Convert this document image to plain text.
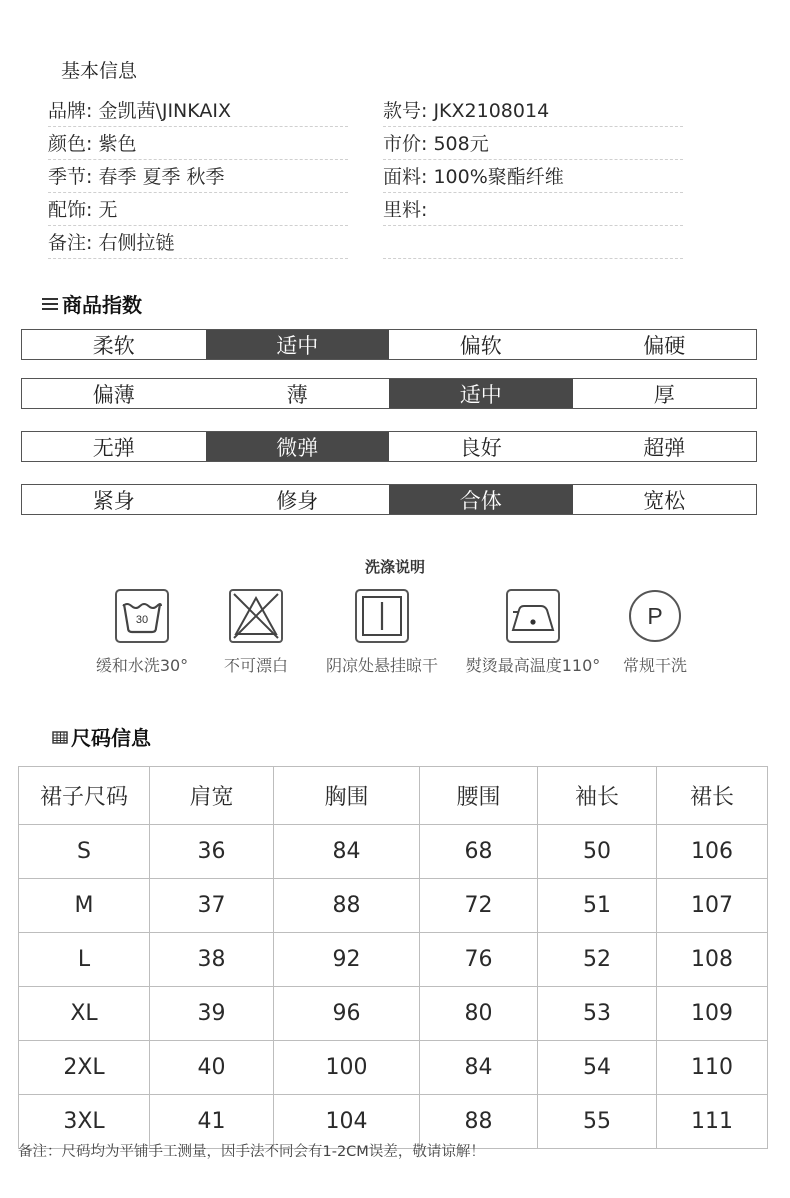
基本信息
品牌: 金凯茜\JINKAIX
颜色: 紫色
季节: 春季 夏季 秋季
配饰: 无
备注: 右侧拉链
款号: JKX2108014
市价: 508元
面料: 100%聚酯纤维
里料:
商品指数
柔软	适中	偏软	偏硬
偏薄	薄	适中	厚
无弹	微弹	良好	超弹
紧身	修身	合体	宽松
洗涤说明
30
缓和水洗30°	不可漂白	阴凉处悬挂晾干	熨烫最高温度110°
P
常规干洗
尺码信息
裙子尺码	肩宽	胸围	腰围	袖长	裙长
S	36	84	68	50	106
M	37	88	72	51	107
L	38	92	76	52	108
XL	39	96	80	53	109
2XL	40	100	84	54	110
3XL	41	104	88	55	111
备注：尺码均为平铺手工测量，因手法不同会有1-2CM误差，敬请谅解！
